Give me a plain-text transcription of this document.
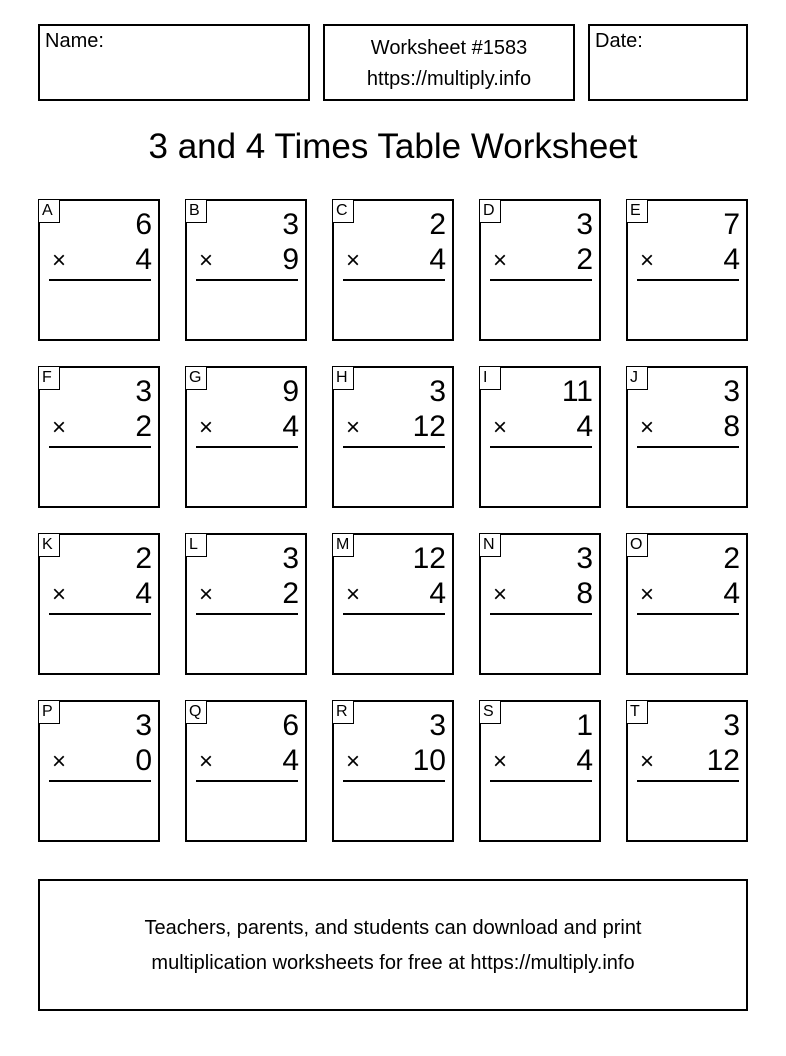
Name:	Worksheet #1583
https://multiply.info
Date:
3 and 4 Times Table Worksheet
A	6
× 4
B	3
× 9
C	2
× 4
D	3
× 2
E	7
× 4
F	3
× 2
G	9
× 4
H	3
× 12
I	11
× 4
J	3
× 8
K	2
× 4
L	3
× 2
M 12
× 4
N	3
× 8
O	2
× 4
P	3
× 0
Q	6
× 4
R	3
× 10
S	1
× 4
T	3
× 12
Teachers, parents, and students can download and print
multiplication worksheets for free at https://multiply.info
